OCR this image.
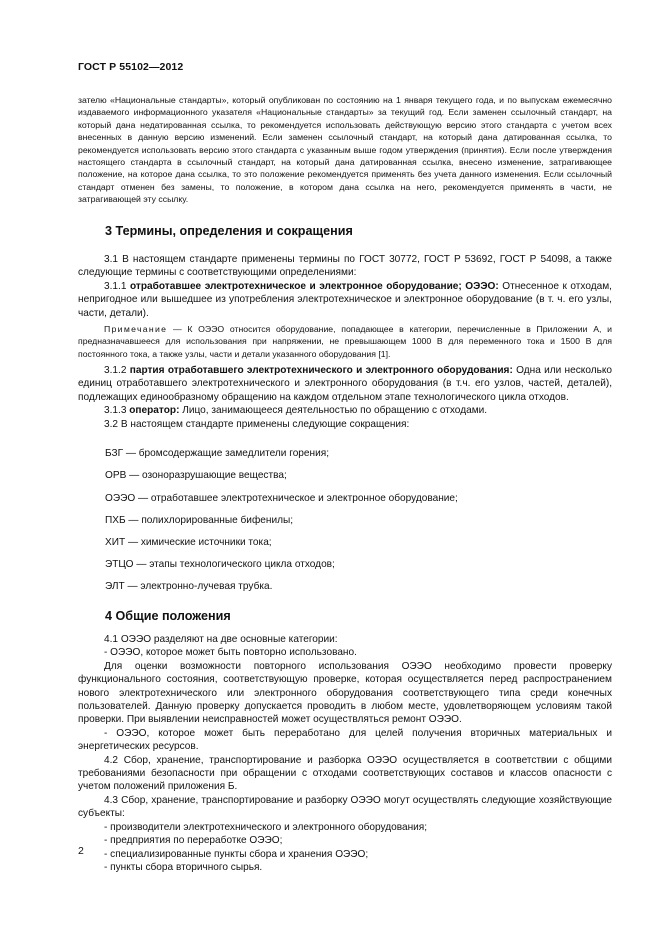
ГОСТ Р 55102—2012

зателю «Национальные стандарты», который опубликован по состоянию на 1 января текущего года, и по выпускам ежемесячно издаваемого информационного указателя «Национальные стандарты» за текущий год. Если заменен ссылочный стандарт, на который дана недатированная ссылка, то рекомендуется использовать действующую версию этого стандарта с учетом всех внесенных в данную версию изменений. Если заменен ссылочный стандарт, на который дана датированная ссылка, то рекомендуется использовать версию этого стандарта с указанным выше годом утверждения (принятия). Если после утверждения настоящего стандарта в ссылочный стандарт, на который дана датированная ссылка, внесено изменение, затрагивающее положение, на которое дана ссылка, то это положение рекомендуется применять без учета данного изменения. Если ссылочный стандарт отменен без замены, то положение, в котором дана ссылка на него, рекомендуется применять в части, не затрагивающей эту ссылку.

3 Термины, определения и сокращения

3.1 В настоящем стандарте применены термины по ГОСТ 30772, ГОСТ Р 53692, ГОСТ Р 54098, а также следующие термины с соответствующими определениями:

3.1.1 отработавшее электротехническое и электронное оборудование; ОЭЭО: Отнесенное к отходам, непригодное или вышедшее из употребления электротехническое и электронное оборудование (в т. ч. его узлы, части, детали).

Примечание — К ОЭЭО относится оборудование, попадающее в категории, перечисленные в Приложении А, и предназначавшееся для использования при напряжении, не превышающем 1000 В для переменного тока и 1500 В для постоянного тока, а также узлы, части и детали указанного оборудования [1].

3.1.2 партия отработавшего электротехнического и электронного оборудования: Одна или несколько единиц отработавшего электротехнического и электронного оборудования (в т.ч. его узлов, частей, деталей), подлежащих единообразному обращению на каждом отдельном этапе технологического цикла отходов.

3.1.3 оператор: Лицо, занимающееся деятельностью по обращению с отходами.

3.2 В настоящем стандарте применены следующие сокращения:

БЗГ — бромсодержащие замедлители горения;
ОРВ — озоноразрушающие вещества;
ОЭЭО — отработавшее электротехническое и электронное оборудование;
ПХБ — полихлорированные бифенилы;
ХИТ — химические источники тока;
ЭТЦО — этапы технологического цикла отходов;
ЭЛТ — электронно-лучевая трубка.
4 Общие положения

4.1 ОЭЭО разделяют на две основные категории:

- ОЭЭО, которое может быть повторно использовано.

Для оценки возможности повторного использования ОЭЭО необходимо провести проверку функционального состояния, соответствующую проверке, которая осуществляется перед распространением нового электротехнического или электронного оборудования соответствующего типа среди конечных пользователей. Данную проверку допускается проводить в любом месте, удовлетворяющем условиям такой проверки. При выявлении неисправностей может осуществляться ремонт ОЭЭО.

- ОЭЭО, которое может быть переработано для целей получения вторичных материальных и энергетических ресурсов.

4.2 Сбор, хранение, транспортирование и разборка ОЭЭО осуществляется в соответствии с общими требованиями безопасности при обращении с отходами соответствующих составов и классов опасности с учетом положений приложения Б.

4.3 Сбор, хранение, транспортирование и разборку ОЭЭО могут осуществлять следующие хозяйствующие субъекты:

- производители электротехнического и электронного оборудования;

- предприятия по переработке ОЭЭО;

- специализированные пункты сбора и хранения ОЭЭО;

- пункты сбора вторичного сырья.

2
